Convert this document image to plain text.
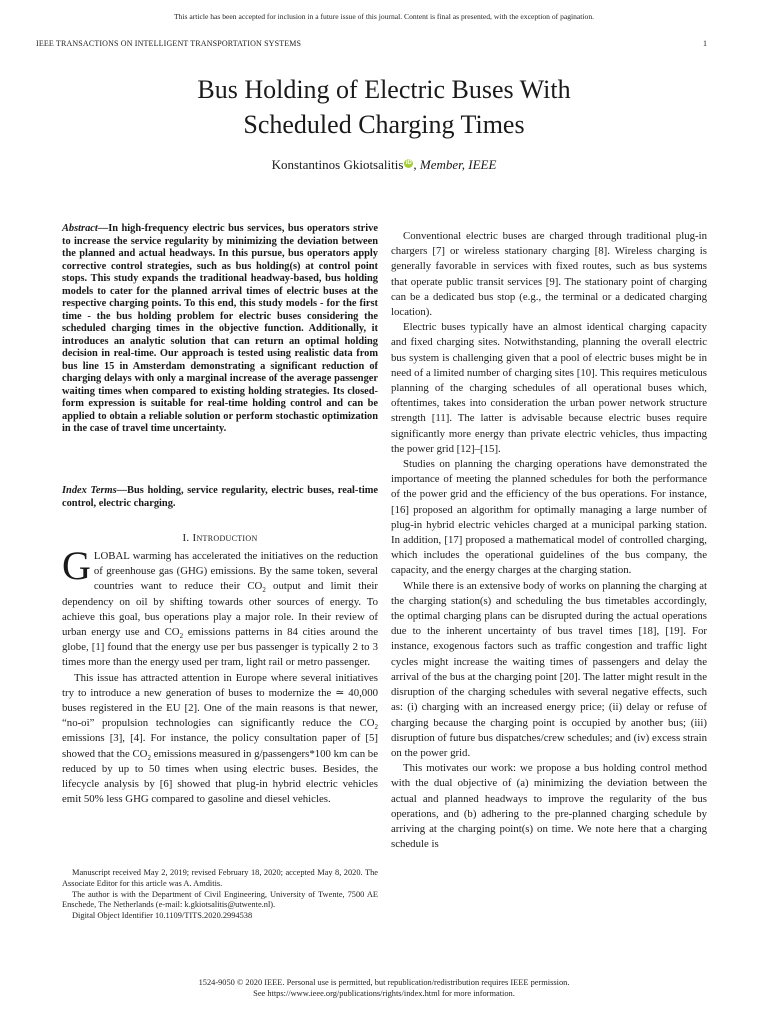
This article has been accepted for inclusion in a future issue of this journal. Content is final as presented, with the exception of pagination.
IEEE TRANSACTIONS ON INTELLIGENT TRANSPORTATION SYSTEMS	1
Bus Holding of Electric Buses With
Scheduled Charging Times
Konstantinos Gkiotsalitis iD , Member, IEEE
Abstract—In high-frequency electric bus services, bus operators strive to increase the service regularity by minimizing the deviation between the planned and actual headways. In this pursue, bus operators apply corrective control strategies, such as bus holding(s) at control point stops. This study expands the traditional headway-based, bus holding models to cater for the planned arrival times of electric buses at the respective charging points. To this end, this study models - for the first time - the bus holding problem for electric buses considering the scheduled charging times in the objective function. Additionally, it introduces an analytic solution that can return an optimal holding decision in real-time. Our approach is tested using realistic data from bus line 15 in Amsterdam demonstrating a significant reduction of charging delays with only a marginal increase of the average passenger waiting times when compared to existing holding strategies. Its closed-form expression is suitable for real-time holding control and can be applied to obtain a reliable solution or perform stochastic optimization in the case of travel time uncertainty.
Index Terms—Bus holding, service regularity, electric buses, real-time control, electric charging.
I. Introduction

GLOBAL warming has accelerated the initiatives on the reduction of greenhouse gas (GHG) emissions. By the same token, several countries want to reduce their $CO_2$ output and limit their dependency on oil by shifting towards other sources of energy. To achieve this goal, bus operations play a major role. In their review of urban energy use and $CO_2$ emissions patterns in 84 cities around the globe, [1] found that the energy use per bus passenger is typically 2 to 3 times more than the energy used per tram, light rail or metro passenger.

This issue has attracted attention in Europe where several initiatives try to introduce a new generation of buses to modernize the ≃ 40,000 buses registered in the EU [2]. One of the main reasons is that newer, “no-oi” propulsion technologies can significantly reduce the $CO_2$ emissions [3], [4]. For instance, the policy consultation paper of [5] showed that the $CO_2$ emissions measured in g/passengers*100 km can be reduced by up to 50 times when using electric buses. Besides, the lifecycle analysis by [6] showed that plug-in hybrid electric vehicles emit 50% less GHG compared to gasoline and diesel vehicles.

Manuscript received May 2, 2019; revised February 18, 2020; accepted May 8, 2020. The Associate Editor for this article was A. Amditis.

The author is with the Department of Civil Engineering, University of Twente, 7500 AE Enschede, The Netherlands (e-mail: k.gkiotsalitis@utwente.nl).

Digital Object Identifier 10.1109/TITS.2020.2994538

Conventional electric buses are charged through traditional plug-in chargers [7] or wireless stationary charging [8]. Wireless charging is generally favorable in services with fixed routes, such as bus systems that operate public transit services [9]. The stationary point of charging can be a dedicated bus stop (e.g., the terminal or a dedicated charging location).

Electric buses typically have an almost identical charging capacity and fixed charging sites. Notwithstanding, planning the overall electric bus system is challenging given that a pool of electric buses might be in need of a limited number of charging sites [10]. This requires meticulous planning of the charging schedules of all operational buses which, oftentimes, takes into consideration the urban power network structure strength [11]. The latter is advisable because electric buses require significantly more energy than private electric vehicles, thus impacting the power grid [12]–[15].

Studies on planning the charging operations have demonstrated the importance of meeting the planned schedules for both the performance of the power grid and the efficiency of the bus operations. For instance, [16] proposed an algorithm for optimally managing a large number of plug-in hybrid electric vehicles charged at a municipal parking station. In addition, [17] proposed a mathematical model of controlled charging, which includes the operational guidelines of the bus company, the capacity, and the energy charges at the charging station.

While there is an extensive body of works on planning the charging at the charging station(s) and scheduling the bus timetables accordingly, the optimal charging plans can be disrupted during the actual operations due to the inherent uncertainty of bus travel times [18], [19]. For instance, exogenous factors such as traffic congestion and traffic light cycles might increase the waiting times of passengers and delay the arrival of the bus at the charging point [20]. The latter might result in the disruption of the charging schedules with several negative effects, such as: (i) charging with an increased energy price; (ii) delay or refuse of charging because the charging point is occupied by another bus; (iii) disruption of future bus dispatches/crew schedules; and (iv) excess strain on the power grid.

This motivates our work: we propose a bus holding control method with the dual objective of (a) minimizing the deviation between the actual and planned headways to improve the regularity of the bus operations, and (b) adhering to the pre-planned charging schedule by arriving at the charging point(s) on time. We note here that a charging schedule is

1524-9050 © 2020 IEEE. Personal use is permitted, but republication/redistribution requires IEEE permission.
See https://www.ieee.org/publications/rights/index.html for more information.
